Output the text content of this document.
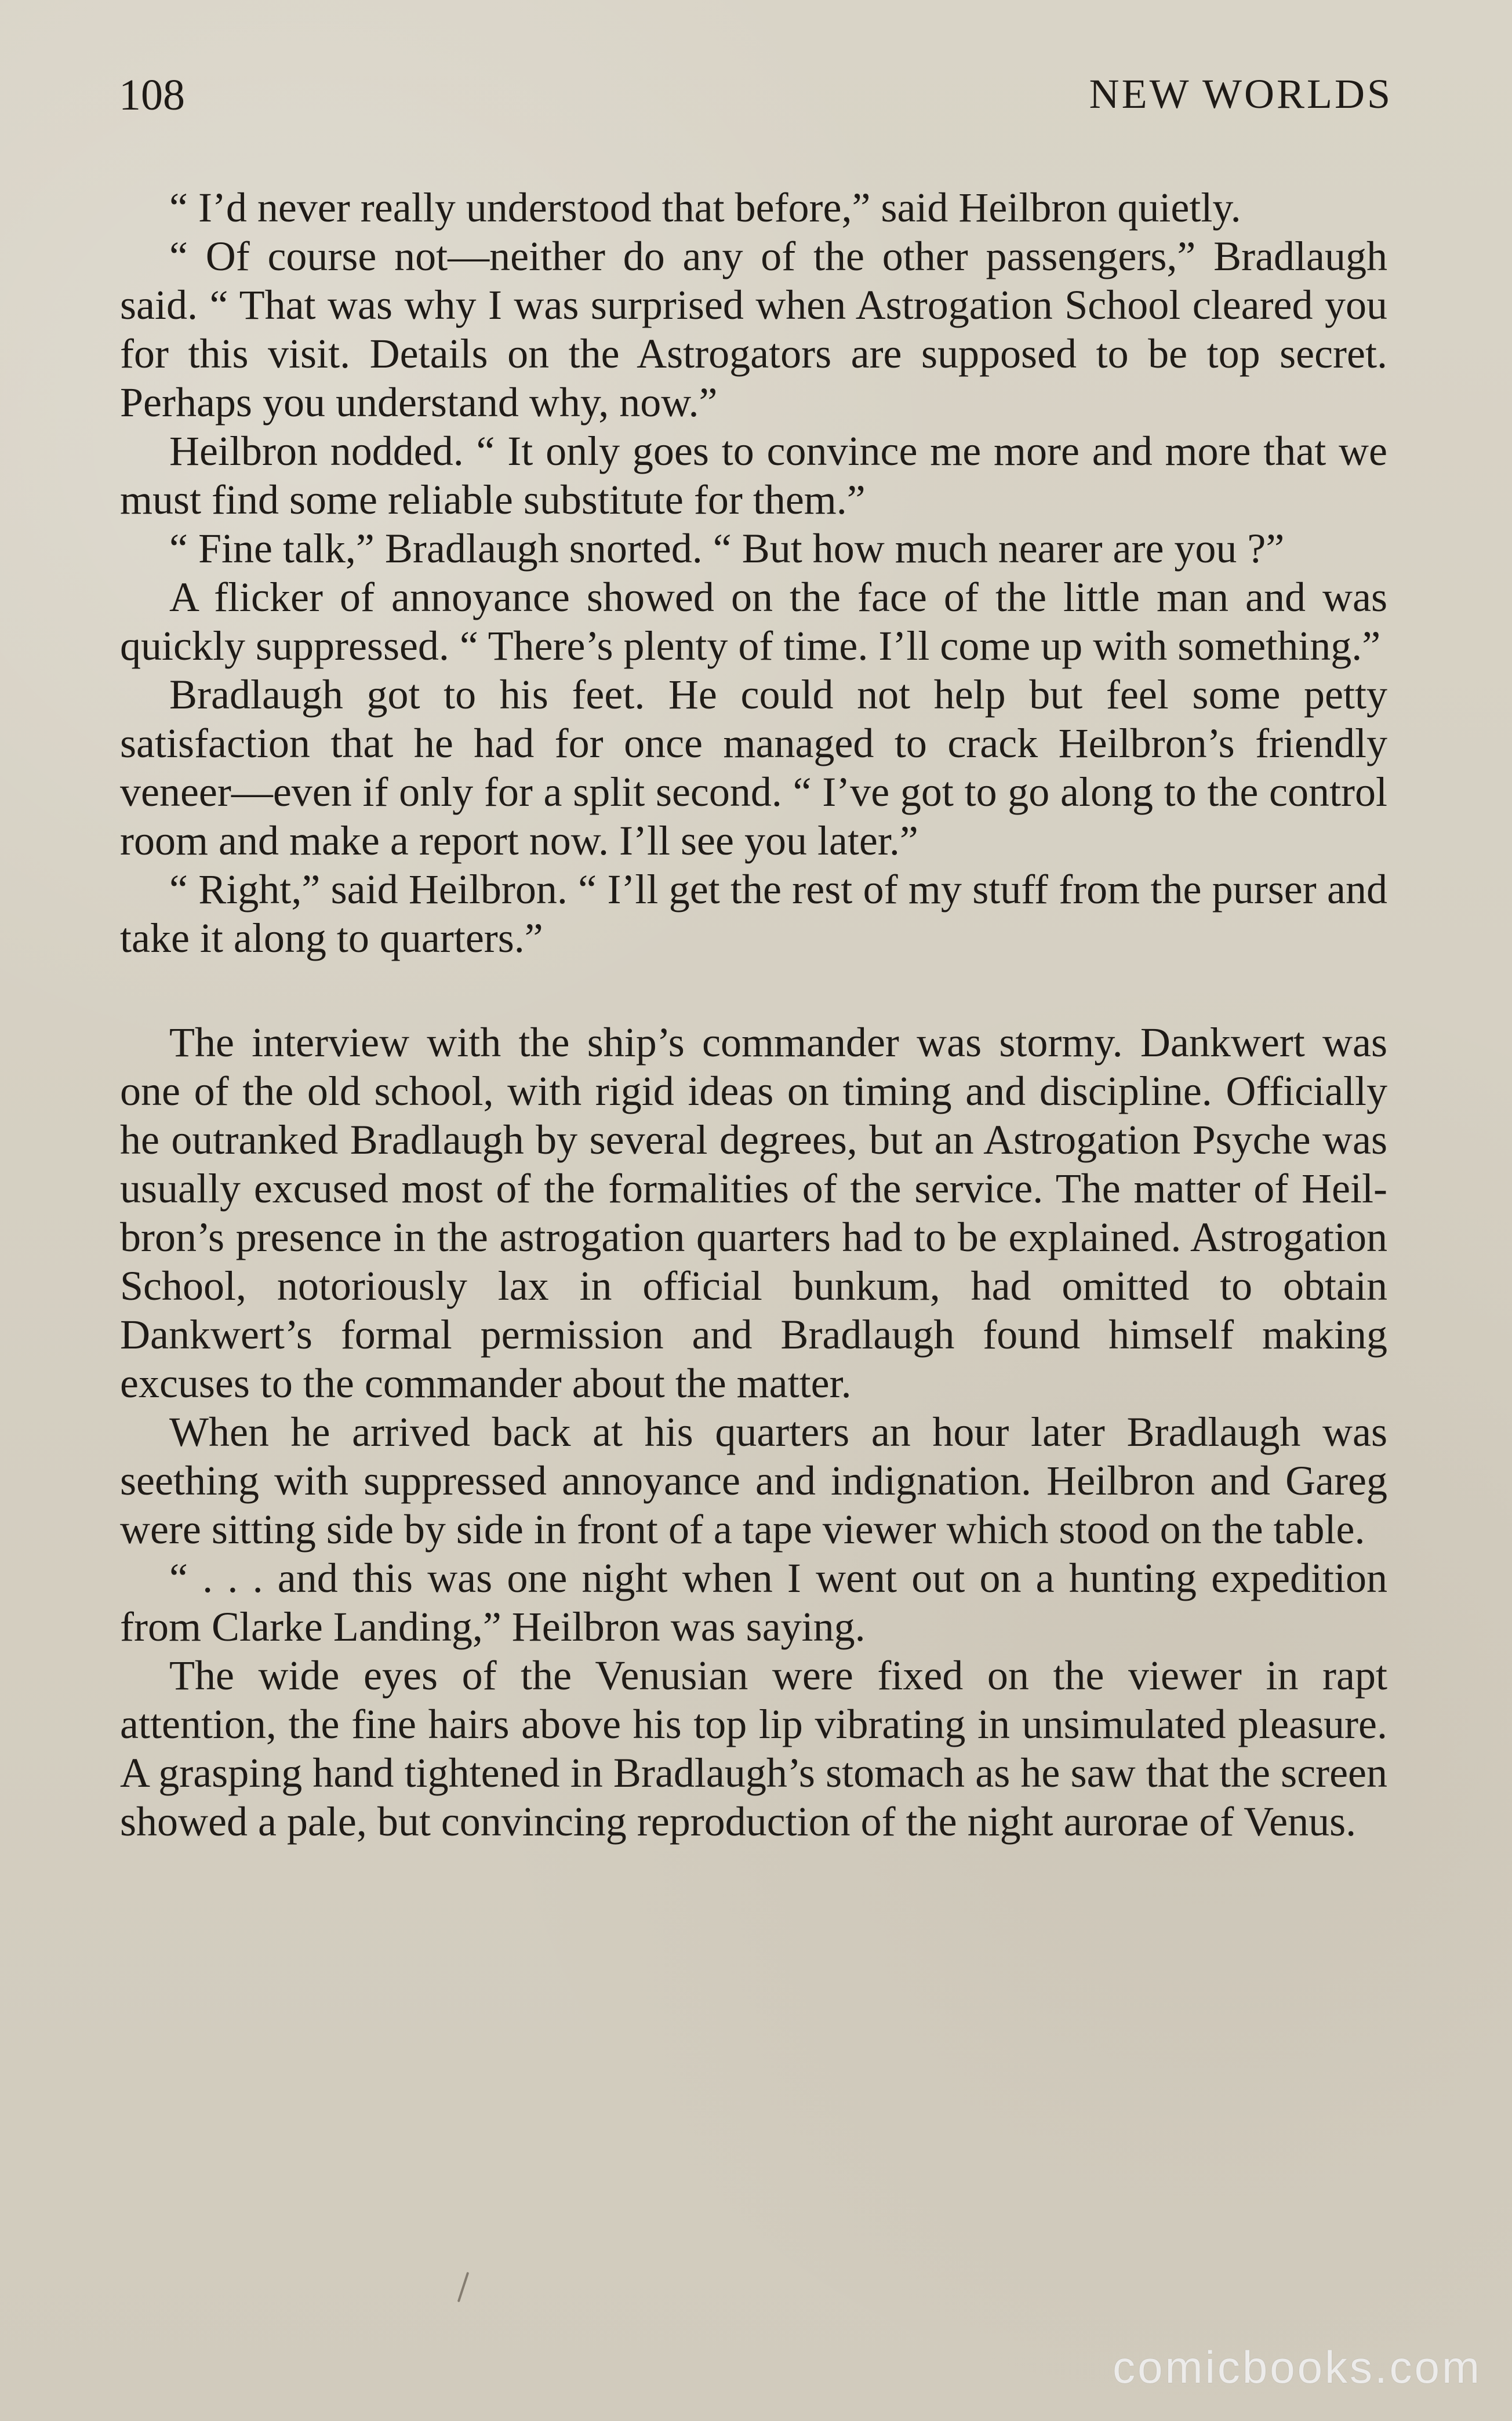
108	NEW WORLDS

“ I’d never really understood that before,” said Heilbron quietly.

“ Of course not—neither do any of the other passengers,” Bradlaugh said. “ That was why I was surprised when Astrogation School cleared you for this visit. Details on the Astrogators are supposed to be top secret. Perhaps you understand why, now.”

Heilbron nodded. “ It only goes to convince me more and more that we must find some reliable substitute for them.”

“ Fine talk,” Bradlaugh snorted. “ But how much nearer are you ?”

A flicker of annoyance showed on the face of the little man and was quickly suppressed. “ There’s plenty of time. I’ll come up with something.”

Bradlaugh got to his feet. He could not help but feel some petty satisfaction that he had for once managed to crack Heilbron’s friendly veneer—even if only for a split second. “ I’ve got to go along to the control room and make a report now. I’ll see you later.”

“ Right,” said Heilbron. “ I’ll get the rest of my stuff from the purser and take it along to quarters.”

The interview with the ship’s commander was stormy. Dankwert was one of the old school, with rigid ideas on timing and discipline. Officially he outranked Bradlaugh by several degrees, but an Astrogation Psyche was usually excused most of the formalities of the service. The matter of Heilbron’s presence in the astrogation quarters had to be explained. Astrogation School, notoriously lax in official bunkum, had omitted to obtain Dankwert’s formal permission and Bradlaugh found himself making excuses to the commander about the matter.

When he arrived back at his quarters an hour later Bradlaugh was seething with suppressed annoyance and indignation. Heilbron and Gareg were sitting side by side in front of a tape viewer which stood on the table.

“ . . . and this was one night when I went out on a hunting expedition from Clarke Landing,” Heilbron was saying.

The wide eyes of the Venusian were fixed on the viewer in rapt attention, the fine hairs above his top lip vibrating in unsimulated pleasure. A grasping hand tightened in Bradlaugh’s stomach as he saw that the screen showed a pale, but convincing reproduction of the night aurorae of Venus.

comicbooks.com
